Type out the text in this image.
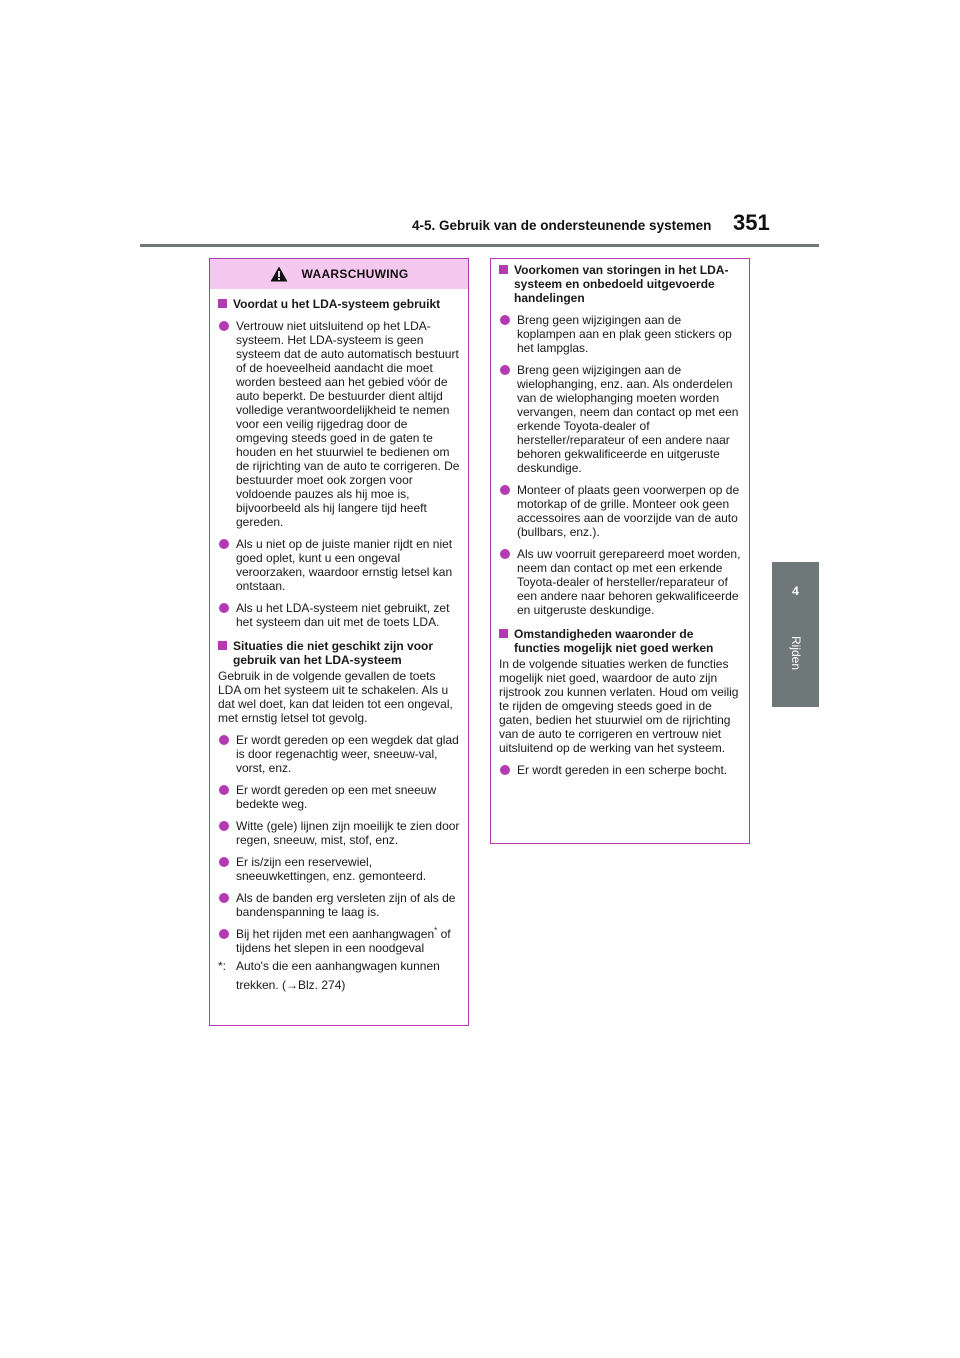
4-5. Gebruik van de ondersteunende systemen 351
4
Rijden
WAARSCHUWING
Voordat u het LDA-systeem gebruikt
Vertrouw niet uitsluitend op het LDA-systeem. Het LDA-systeem is geen systeem dat de auto automatisch bestuurt of de hoeveelheid aandacht die moet worden besteed aan het gebied vóór de auto beperkt. De bestuurder dient altijd volledige verantwoordelijkheid te nemen voor een veilig rijgedrag door de omgeving steeds goed in de gaten te houden en het stuurwiel te bedienen om de rijrichting van de auto te corrigeren. De bestuurder moet ook zorgen voor voldoende pauzes als hij moe is, bijvoorbeeld als hij langere tijd heeft gereden.
Als u niet op de juiste manier rijdt en niet goed oplet, kunt u een ongeval veroorzaken, waardoor ernstig letsel kan ontstaan.
Als u het LDA-systeem niet gebruikt, zet het systeem dan uit met de toets LDA.
Situaties die niet geschikt zijn voor gebruik van het LDA-systeem
Gebruik in de volgende gevallen de toets LDA om het systeem uit te schakelen. Als u dat wel doet, kan dat leiden tot een ongeval, met ernstig letsel tot gevolg.
Er wordt gereden op een wegdek dat glad is door regenachtig weer, sneeuw-val, vorst, enz.
Er wordt gereden op een met sneeuw bedekte weg.
Witte (gele) lijnen zijn moeilijk te zien door regen, sneeuw, mist, stof, enz.
Er is/zijn een reservewiel, sneeuwkettingen, enz. gemonteerd.
Als de banden erg versleten zijn of als de bandenspanning te laag is.
Bij het rijden met een aanhangwagen* of tijdens het slepen in een noodgeval
*: Auto's die een aanhangwagen kunnen trekken. (→Blz. 274)
Voorkomen van storingen in het LDA-systeem en onbedoeld uitgevoerde handelingen
Breng geen wijzigingen aan de koplampen aan en plak geen stickers op het lampglas.
Breng geen wijzigingen aan de wielophanging, enz. aan. Als onderdelen van de wielophanging moeten worden vervangen, neem dan contact op met een erkende Toyota-dealer of hersteller/reparateur of een andere naar behoren gekwalificeerde en uitgeruste deskundige.
Monteer of plaats geen voorwerpen op de motorkap of de grille. Monteer ook geen accessoires aan de voorzijde van de auto (bullbars, enz.).
Als uw voorruit gerepareerd moet worden, neem dan contact op met een erkende Toyota-dealer of hersteller/reparateur of een andere naar behoren gekwalificeerde en uitgeruste deskundige.
Omstandigheden waaronder de functies mogelijk niet goed werken
In de volgende situaties werken de functies mogelijk niet goed, waardoor de auto zijn rijstrook zou kunnen verlaten. Houd om veilig te rijden de omgeving steeds goed in de gaten, bedien het stuurwiel om de rijrichting van de auto te corrigeren en vertrouw niet uitsluitend op de werking van het systeem.
Er wordt gereden in een scherpe bocht.
